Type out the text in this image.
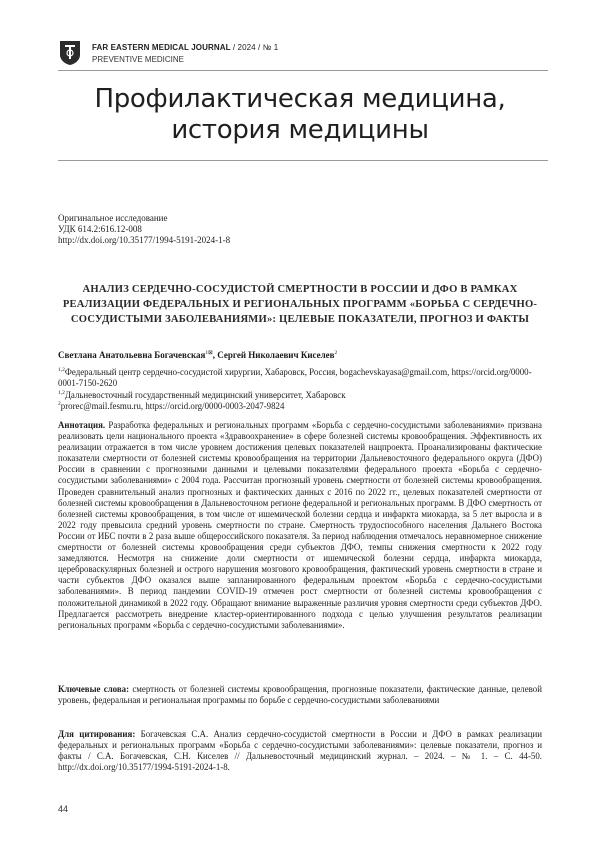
FAR EASTERN MEDICAL JOURNAL / 2024 / № 1
PREVENTIVE MEDICINE
Профилактическая медицина, история медицины
Оригинальное исследование
УДК 614.2:616.12-008
http://dx.doi.org/10.35177/1994-5191-2024-1-8
АНАЛИЗ СЕРДЕЧНО-СОСУДИСТОЙ СМЕРТНОСТИ В РОССИИ И ДФО В РАМКАХ РЕАЛИЗАЦИИ ФЕДЕРАЛЬНЫХ И РЕГИОНАЛЬНЫХ ПРОГРАММ «БОРЬБА С СЕРДЕЧНО-СОСУДИСТЫМИ ЗАБОЛЕВАНИЯМИ»: ЦЕЛЕВЫЕ ПОКАЗАТЕЛИ, ПРОГНОЗ И ФАКТЫ
Светлана Анатольевна Богачевская$^{1⊠}$, Сергей Николаевич Киселев$^2$
$^{1,2}$Федеральный центр сердечно-сосудистой хирургии, Хабаровск, Россия, bogachevskayasa@gmail.com, https://orcid.org/0000-0001-7150-2620
$^{1,2}$Дальневосточный государственный медицинский университет, Хабаровск
$^2$prorec@mail.fesmu.ru, https://orcid.org/0000-0003-2047-9824
Аннотация. Разработка федеральных и региональных программ «Борьба с сердечно-сосудистыми заболеваниями» призвана реализовать цели национального проекта «Здравоохранение» в сфере болезней системы кровообращения. Эффективность их реализации отражается в том числе уровнем достижения целевых показателей нацпроекта. Проанализированы фактические показатели смертности от болезней системы кровообращения на территории Дальневосточного федерального округа (ДФО) России в сравнении с прогнозными данными и целевыми показателями федерального проекта «Борьба с сердечно-сосудистыми заболеваниями» с 2004 года. Рассчитан прогнозный уровень смертности от болезней системы кровообращения. Проведен сравнительный анализ прогнозных и фактических данных с 2016 по 2022 гг., целевых показателей смертности от болезней системы кровообращения в Дальневосточном регионе федеральной и региональных программ. В ДФО смертность от болезней системы кровообращения, в том числе от ишемической болезни сердца и инфаркта миокарда, за 5 лет выросла и в 2022 году превысила средний уровень смертности по стране. Смертность трудоспособного населения Дальнего Востока России от ИБС почти в 2 раза выше общероссийского показателя. За период наблюдения отмечалось неравномерное снижение смертности от болезней системы кровообращения среди субъектов ДФО, темпы снижения смертности к 2022 году замедляются. Несмотря на снижение доли смертности от ишемической болезни сердца, инфаркта миокарда, цереброваскулярных болезней и острого нарушения мозгового кровообращения, фактический уровень смертности в стране и части субъектов ДФО оказался выше запланированного федеральным проектом «Борьба с сердечно-сосудистыми заболеваниями». В период пандемии COVID-19 отмечен рост смертности от болезней системы кровообращения с положительной динамикой в 2022 году. Обращают внимание выраженные различия уровня смертности среди субъектов ДФО. Предлагается рассмотреть внедрение кластер-ориентированного подхода с целью улучшения результатов реализации региональных программ «Борьба с сердечно-сосудистыми заболеваниями».
Ключевые слова: смертность от болезней системы кровообращения, прогнозные показатели, фактические данные, целевой уровень, федеральная и региональная программы по борьбе с сердечно-сосудистыми заболеваниями
Для цитирования: Богачевская С.А. Анализ сердечно-сосудистой смертности в России и ДФО в рамках реализации федеральных и региональных программ «Борьба с сердечно-сосудистыми заболеваниями»: целевые показатели, прогноз и факты / С.А. Богачевская, С.Н. Киселев // Дальневосточный медицинский журнал. – 2024. – № 1. – С. 44-50. http://dx.doi.org/10.35177/1994-5191-2024-1-8.
44
